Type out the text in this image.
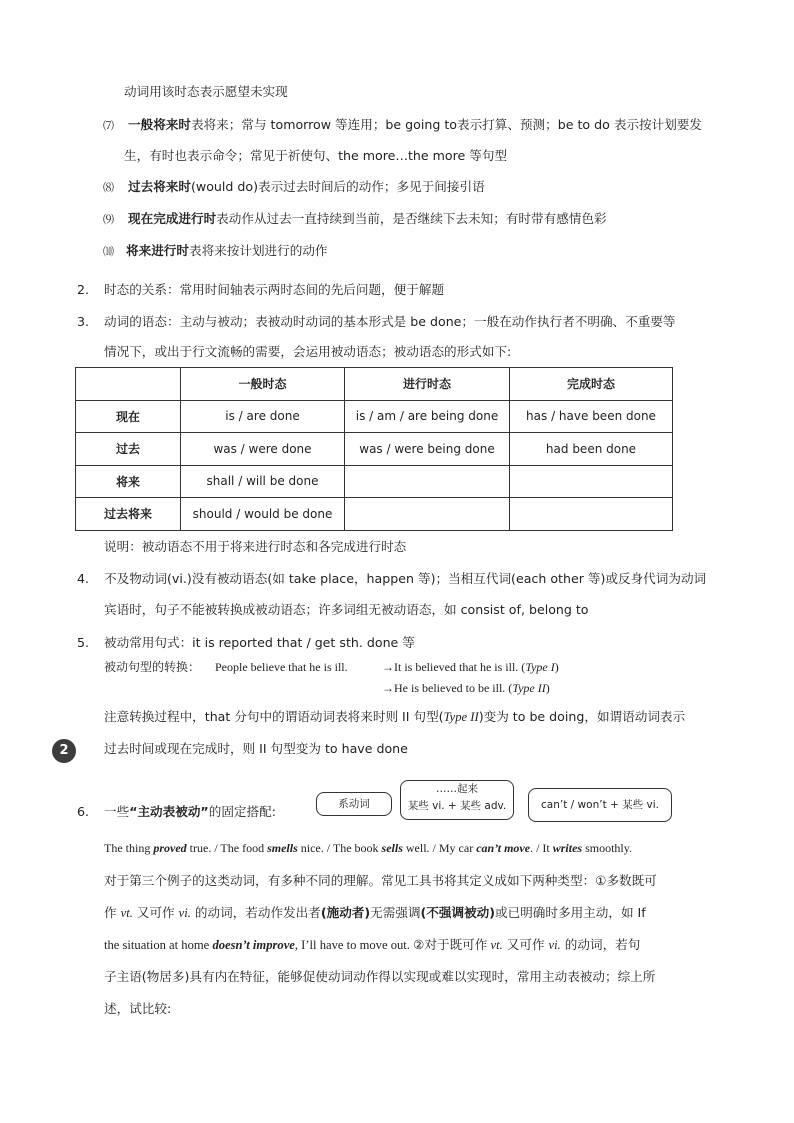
动词用该时态表示愿望未实现
⑺ 一般将来时表将来；常与 tomorrow 等连用；be going to表示打算、预测；be to do 表示按计划要发
生，有时也表示命令；常见于祈使句、the more…the more 等句型
⑻ 过去将来时(would do)表示过去时间后的动作；多见于间接引语
⑼ 现在完成进行时表动作从过去一直持续到当前，是否继续下去未知；有时带有感情色彩
⑽ 将来进行时表将来按计划进行的动作
2. 时态的关系：常用时间轴表示两时态间的先后问题，便于解题
3. 动词的语态：主动与被动；表被动时动词的基本形式是 be done；一般在动作执行者不明确、不重要等
情况下，或出于行文流畅的需要，会运用被动语态；被动语态的形式如下:
	一般时态	进行时态	完成时态
现在	is / are done	is / am / are being done	has / have been done
过去	was / were done	was / were being done	had been done
将来	shall / will be done		
过去将来	should / would be done		
说明：被动语态不用于将来进行时态和各完成进行时态
4. 不及物动词(vi.)没有被动语态(如 take place，happen 等)；当相互代词(each other 等)或反身代词为动词
宾语时，句子不能被转换成被动语态；许多词组无被动语态，如 consist of, belong to
5. 被动常用句式：it is reported that / get sth. done 等
被动句型的转换： People believe that he is ill.	→It is believed that he is ill. (Type I)
→He is believed to be ill. (Type II)
注意转换过程中，that 分句中的谓语动词表将来时则 II 句型(Type II)变为 to be doing，如谓语动词表示
过去时间或现在完成时，则 II 句型变为 to have done
2
6. 一些“主动表被动”的固定搭配:	系动词
……起来
某些 vi. + 某些 adv.	can’t / won’t + 某些 vi.
The thing proved true. / The food smells nice. / The book sells well. / My car can’t move. / It writes smoothly.
对于第三个例子的这类动词，有多种不同的理解。常见工具书将其定义成如下两种类型：①多数既可
作 vt. 又可作 vi. 的动词，若动作发出者(施动者)无需强调(不强调被动)或已明确时多用主动，如 If
the situation at home doesn’t improve, I’ll have to move out. ②对于既可作 vt. 又可作 vi. 的动词，若句
子主语(物居多)具有内在特征，能够促使动词动作得以实现或难以实现时，常用主动表被动；综上所
述，试比较:
